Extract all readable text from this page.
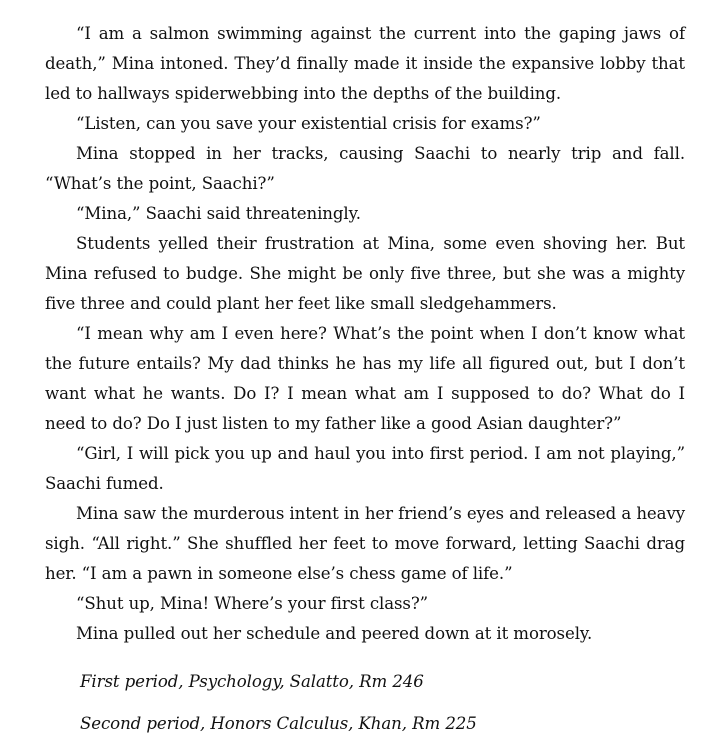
“I am a salmon swimming against the current into the gaping jaws of death,” Mina intoned. They’d finally made it inside the expansive lobby that led to hallways spiderwebbing into the depths of the building.

“Listen, can you save your existential crisis for exams?”

Mina stopped in her tracks, causing Saachi to nearly trip and fall. “What’s the point, Saachi?”

“Mina,” Saachi said threateningly.

Students yelled their frustration at Mina, some even shoving her. But Mina refused to budge. She might be only five three, but she was a mighty five three and could plant her feet like small sledgehammers.

“I mean why am I even here? What’s the point when I don’t know what the future entails? My dad thinks he has my life all figured out, but I don’t want what he wants. Do I? I mean what am I supposed to do? What do I need to do? Do I just listen to my father like a good Asian daughter?”

“Girl, I will pick you up and haul you into first period. I am not playing,” Saachi fumed.

Mina saw the murderous intent in her friend’s eyes and released a heavy sigh. “All right.” She shuffled her feet to move forward, letting Saachi drag her. “I am a pawn in someone else’s chess game of life.”

“Shut up, Mina! Where’s your first class?”

Mina pulled out her schedule and peered down at it morosely.

First period, Psychology, Salatto, Rm 246

Second period, Honors Calculus, Khan, Rm 225
